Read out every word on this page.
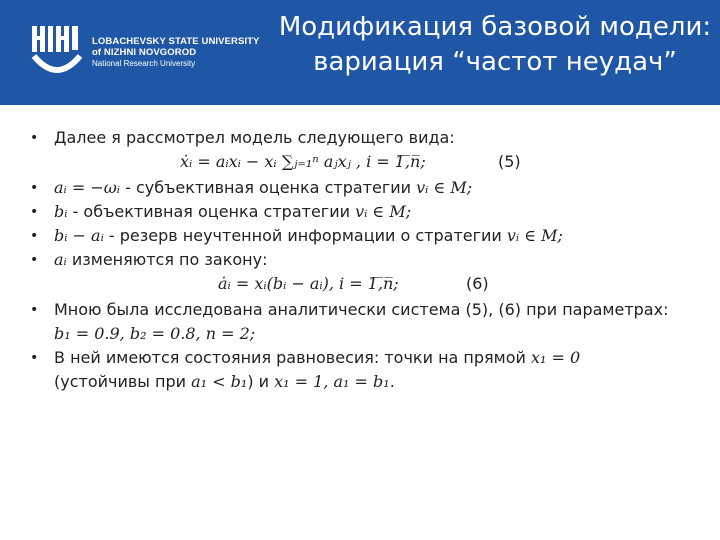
LOBACHEVSKY STATE UNIVERSITY
of NIZHNI NOVGOROD
National Research University
Модификация базовой модели:
вариация “частот неудач”
• Далее я рассмотрел модель следующего вида:
ẋᵢ = aᵢxᵢ − xᵢ ∑ⱼ₌₁ⁿ aⱼxⱼ , i = 1̅,̅n̅;	(5)
• aᵢ = −ωᵢ - субъективная оценка стратегии vᵢ ∈ M;
• bᵢ - объективная оценка стратегии vᵢ ∈ M;
• bᵢ − aᵢ - резерв неучтенной информации о стратегии vᵢ ∈ M;
• aᵢ изменяются по закону:
ȧᵢ = xᵢ(bᵢ − aᵢ), i = 1̅,̅n̅;	(6)
• Мною была исследована аналитически система (5), (6) при параметрах:
b₁ = 0.9, b₂ = 0.8, n = 2;
• В ней имеются состояния равновесия: точки на прямой x₁ = 0
(устойчивы при a₁ < b₁) и x₁ = 1, a₁ = b₁.
